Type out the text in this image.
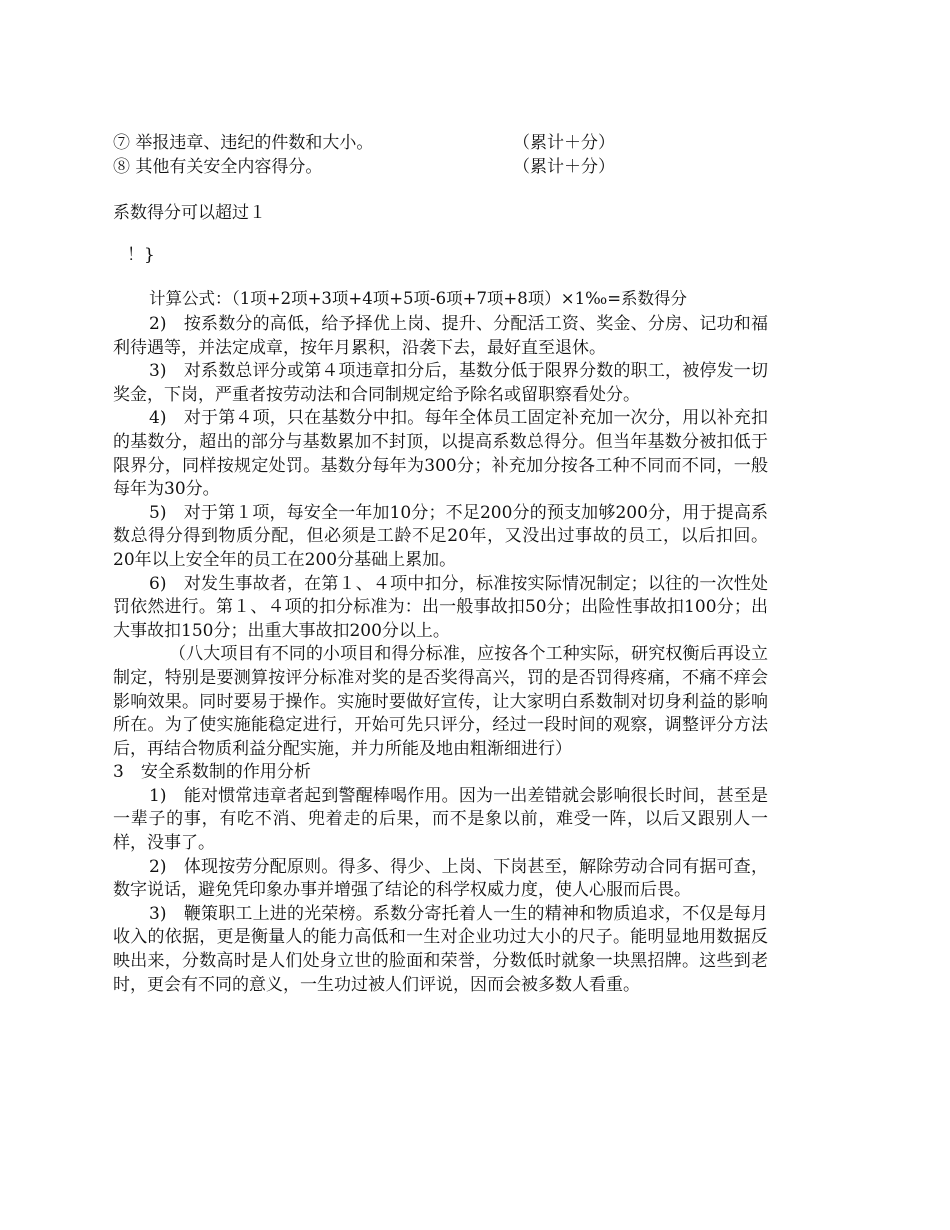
⑦ 举报违章、违纪的件数和大小。	（累计＋分）
⑧ 其他有关安全内容得分。	（累计＋分）
系数得分可以超过１
！}
计算公式：（1项+2项+3项+4项+5项-6项+7项+8项）×1‰=系数得分

2)　按系数分的高低，给予择优上岗、提升、分配活工资、奖金、分房、记功和福利待遇等，并法定成章，按年月累积，沿袭下去，最好直至退休。

3)　对系数总评分或第４项违章扣分后，基数分低于限界分数的职工，被停发一切奖金，下岗，严重者按劳动法和合同制规定给予除名或留职察看处分。

4)　对于第４项，只在基数分中扣。每年全体员工固定补充加一次分，用以补充扣的基数分，超出的部分与基数累加不封顶，以提高系数总得分。但当年基数分被扣低于限界分，同样按规定处罚。基数分每年为300分；补充加分按各工种不同而不同，一般每年为30分。

5)　对于第１项，每安全一年加10分；不足200分的预支加够200分，用于提高系数总得分得到物质分配，但必须是工龄不足20年，又没出过事故的员工，以后扣回。20年以上安全年的员工在200分基础上累加。

6)　对发生事故者，在第１、４项中扣分，标准按实际情况制定；以往的一次性处罚依然进行。第１、４项的扣分标准为：出一般事故扣50分；出险性事故扣100分；出大事故扣150分；出重大事故扣200分以上。

（八大项目有不同的小项目和得分标准，应按各个工种实际，研究权衡后再设立制定，特别是要测算按评分标准对奖的是否奖得高兴，罚的是否罚得疼痛，不痛不痒会影响效果。同时要易于操作。实施时要做好宣传，让大家明白系数制对切身利益的影响所在。为了使实施能稳定进行，开始可先只评分，经过一段时间的观察，调整评分方法后，再结合物质利益分配实施，并力所能及地由粗渐细进行）

3　安全系数制的作用分析

1)　能对惯常违章者起到警醒棒喝作用。因为一出差错就会影响很长时间，甚至是一辈子的事，有吃不消、兜着走的后果，而不是象以前，难受一阵，以后又跟别人一样，没事了。

2)　体现按劳分配原则。得多、得少、上岗、下岗甚至，解除劳动合同有据可查，数字说话，避免凭印象办事并增强了结论的科学权威力度，使人心服而后畏。

3)　鞭策职工上进的光荣榜。系数分寄托着人一生的精神和物质追求，不仅是每月收入的依据，更是衡量人的能力高低和一生对企业功过大小的尺子。能明显地用数据反映出来，分数高时是人们处身立世的脸面和荣誉，分数低时就象一块黑招牌。这些到老时，更会有不同的意义，一生功过被人们评说，因而会被多数人看重。
